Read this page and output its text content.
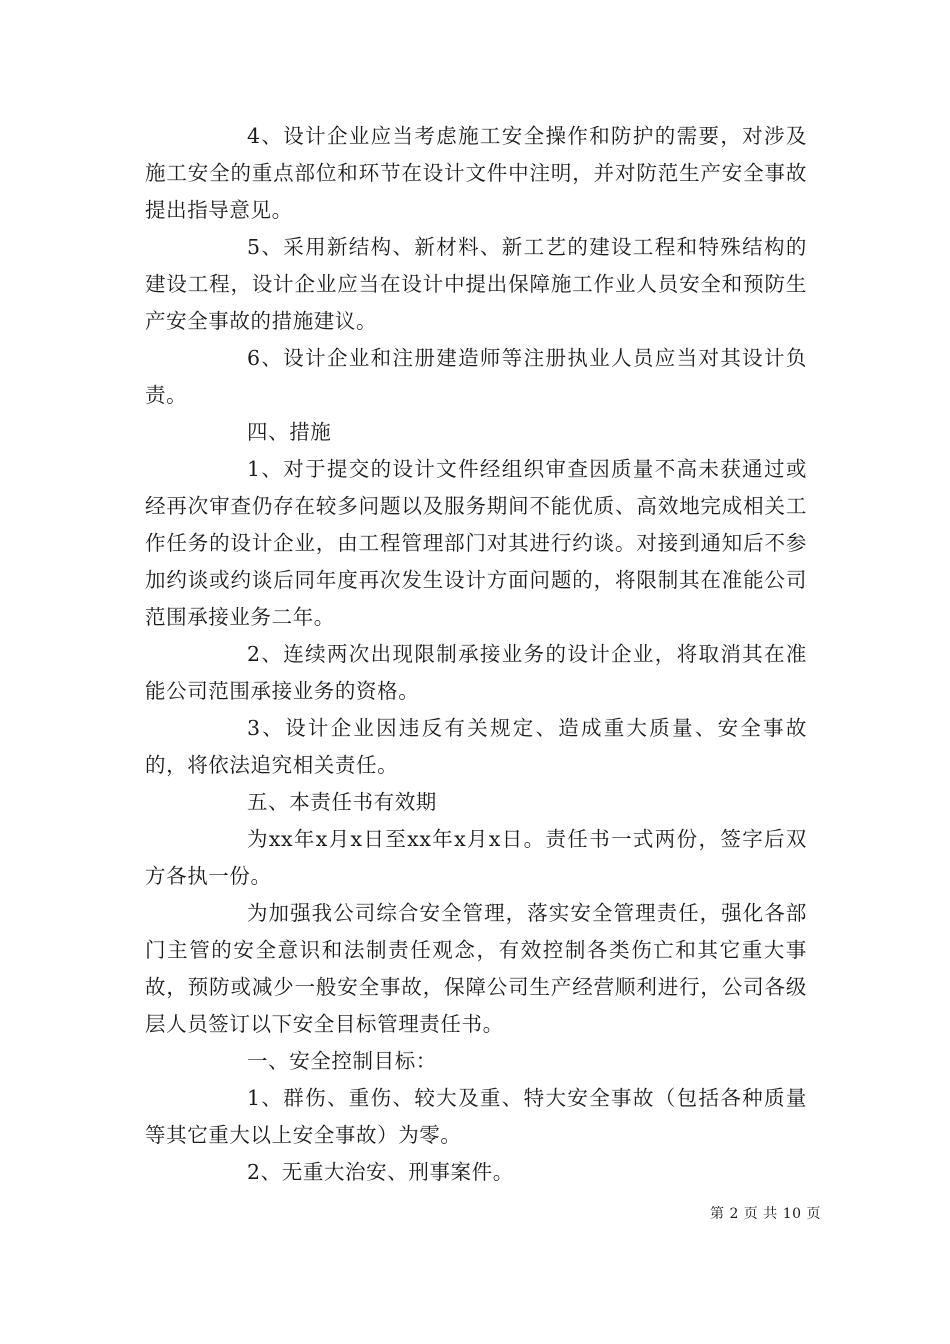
4、设计企业应当考虑施工安全操作和防护的需要，对涉及施工安全的重点部位和环节在设计文件中注明，并对防范生产安全事故提出指导意见。

5、采用新结构、新材料、新工艺的建设工程和特殊结构的建设工程，设计企业应当在设计中提出保障施工作业人员安全和预防生产安全事故的措施建议。

6、设计企业和注册建造师等注册执业人员应当对其设计负责。

四、措施

1、对于提交的设计文件经组织审查因质量不高未获通过或经再次审查仍存在较多问题以及服务期间不能优质、高效地完成相关工作任务的设计企业，由工程管理部门对其进行约谈。对接到通知后不参加约谈或约谈后同年度再次发生设计方面问题的，将限制其在准能公司范围承接业务二年。

2、连续两次出现限制承接业务的设计企业，将取消其在准能公司范围承接业务的资格。

3、设计企业因违反有关规定、造成重大质量、安全事故的，将依法追究相关责任。

五、本责任书有效期

为xx年x月x日至xx年x月x日。责任书一式两份，签字后双方各执一份。

为加强我公司综合安全管理，落实安全管理责任，强化各部门主管的安全意识和法制责任观念，有效控制各类伤亡和其它重大事故，预防或减少一般安全事故，保障公司生产经营顺利进行，公司各级层人员签订以下安全目标管理责任书。

一、安全控制目标：

1、群伤、重伤、较大及重、特大安全事故（包括各种质量等其它重大以上安全事故）为零。

2、无重大治安、刑事案件。

第 2 页 共 10 页
